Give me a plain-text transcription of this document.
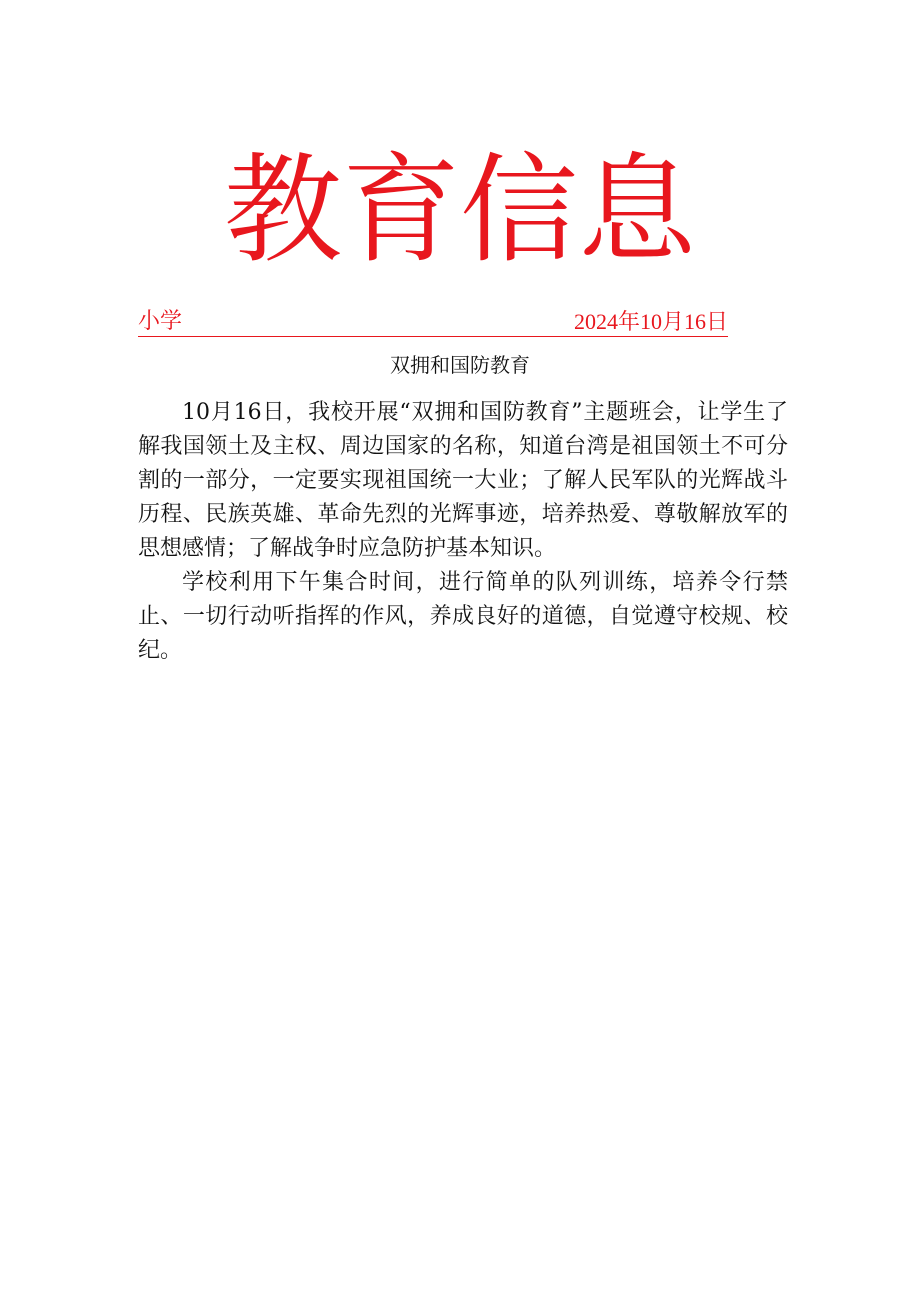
教育信息
小学	2024年10月16日
双拥和国防教育

10月16日，我校开展“双拥和国防教育”主题班会，让学生了解我国领土及主权、周边国家的名称，知道台湾是祖国领土不可分割的一部分，一定要实现祖国统一大业；了解人民军队的光辉战斗历程、民族英雄、革命先烈的光辉事迹，培养热爱、尊敬解放军的思想感情；了解战争时应急防护基本知识。

学校利用下午集合时间，进行简单的队列训练，培养令行禁止、一切行动听指挥的作风，养成良好的道德，自觉遵守校规、校纪。
